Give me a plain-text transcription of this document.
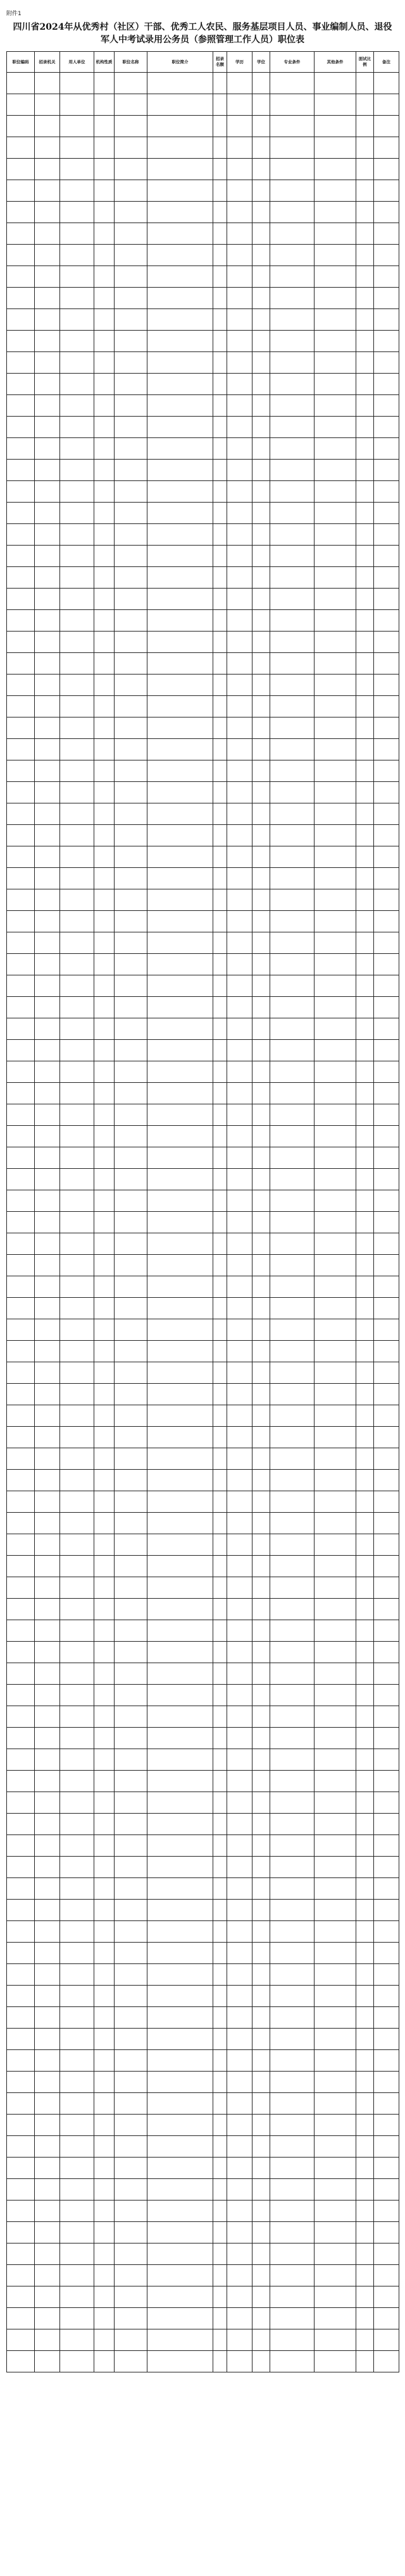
附件1
四川省2024年从优秀村（社区）干部、优秀工人农民、服务基层项目人员、事业编制人员、退役军人中考试录用公务员（参照管理工作人员）职位表
职位编码	招录机关	用人单位	机构性质	职位名称	职位简介	招录名额	学历	学位	专业条件	其他条件	面试比例	备注
